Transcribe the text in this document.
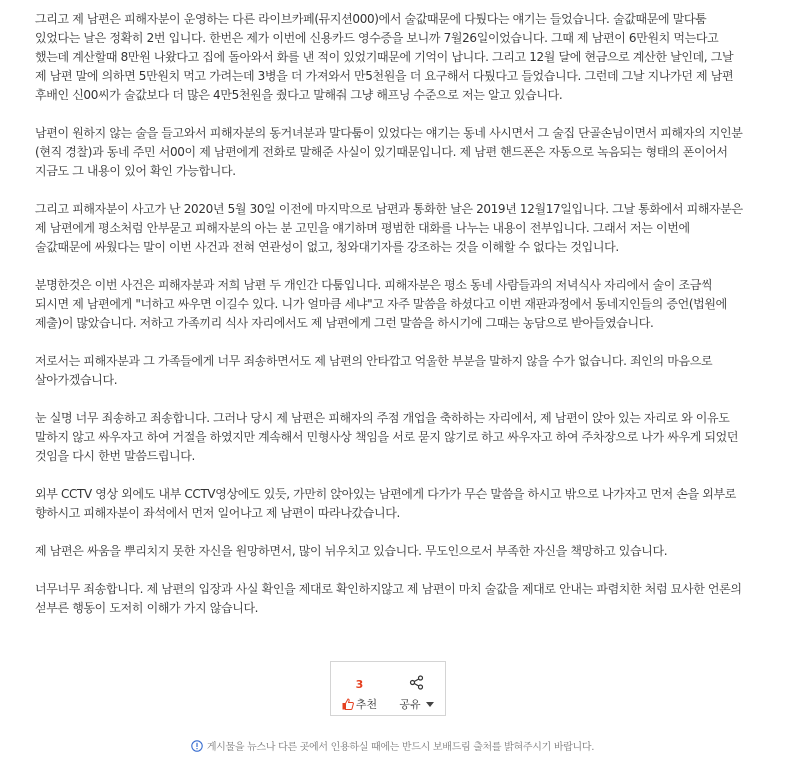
그리고 제 남편은 피해자분이 운영하는 다른 라이브카페(뮤지션000)에서 술값때문에 다퉜다는 얘기는 들었습니다. 술값때문에 말다툼 있었다는 날은 정확히 2번 입니다. 한번은 제가 이번에 신용카드 영수증을 보니까 7월26일이었습니다. 그때 제 남편이 6만원치 먹는다고 했는데 계산할때 8만원 나왔다고 집에 돌아와서 화를 낸 적이 있었기때문에 기억이 납니다. 그리고 12월 달에 현금으로 계산한 날인데, 그날 제 남편 말에 의하면 5만원치 먹고 가려는데 3병을 더 가져와서 만5천원을 더 요구해서 다퉜다고 들었습니다. 그런데 그날 지나가던 제 남편 후배인 신00씨가 술값보다 더 많은 4만5천원을 줬다고 말해줘 그냥 해프닝 수준으로 저는 알고 있습니다.

남편이 원하지 않는 술을 들고와서 피해자분의 동거녀분과 말다툼이 있었다는 얘기는 동네 사시면서 그 술집 단골손님이면서 피해자의 지인분(현직 경찰)과 동네 주민 서00이 제 남편에게 전화로 말해준 사실이 있기때문입니다. 제 남편 핸드폰은 자동으로 녹음되는 형태의 폰이어서 지금도 그 내용이 있어 확인 가능합니다.

그리고 피해자분이 사고가 난 2020년 5월 30일 이전에 마지막으로 남편과 통화한 날은 2019년 12월17일입니다. 그날 통화에서 피해자분은 제 남편에게 평소처럼 안부묻고 피해자분의 아는 분 고민을 얘기하며 평범한 대화를 나누는 내용이 전부입니다. 그래서 저는 이번에 술값때문에 싸웠다는 말이 이번 사건과 전혀 연관성이 없고, 청와대기자를 강조하는 것을 이해할 수 없다는 것입니다.

분명한것은 이번 사건은 피해자분과 저희 남편 두 개인간 다툼입니다. 피해자분은 평소 동네 사람들과의 저녁식사 자리에서 술이 조금씩 되시면 제 남편에게 "너하고 싸우면 이길수 있다. 니가 얼마큼 세냐"고 자주 말씀을 하셨다고 이번 재판과정에서 동네지인들의 증언(법원에 제출)이 많았습니다. 저하고 가족끼리 식사 자리에서도 제 남편에게 그런 말씀을 하시기에 그때는 농담으로 받아들였습니다.

저로서는 피해자분과 그 가족들에게 너무 죄송하면서도 제 남편의 안타깝고 억울한 부분을 말하지 않을 수가 없습니다. 죄인의 마음으로 살아가겠습니다.

눈 실명 너무 죄송하고 죄송합니다. 그러나 당시 제 남편은 피해자의 주점 개업을 축하하는 자리에서, 제 남편이 앉아 있는 자리로 와 이유도 말하지 않고 싸우자고 하여 거절을 하였지만 계속해서 민형사상 책임을 서로 묻지 않기로 하고 싸우자고 하여 주차장으로 나가 싸우게 되었던 것임을 다시 한번 말씀드립니다.

외부 CCTV 영상 외에도 내부 CCTV영상에도 있듯, 가만히 앉아있는 남편에게 다가가 무슨 말씀을 하시고 밖으로 나가자고 먼저 손을 외부로 향하시고 피해자분이 좌석에서 먼저 일어나고 제 남편이 따라나갔습니다.

제 남편은 싸움을 뿌리치지 못한 자신을 원망하면서, 많이 뉘우치고 있습니다. 무도인으로서 부족한 자신을 책망하고 있습니다.

너무너무 죄송합니다. 제 남편의 입장과 사실 확인을 제대로 확인하지않고 제 남편이 마치 술값을 제대로 안내는 파렴치한 처럼 묘사한 언론의 섣부른 행동이 도저히 이해가 가지 않습니다.

3
추천 공유
게시물을 뉴스나 다른 곳에서 인용하실 때에는 반드시 보배드림 출처를 밝혀주시기 바랍니다.
